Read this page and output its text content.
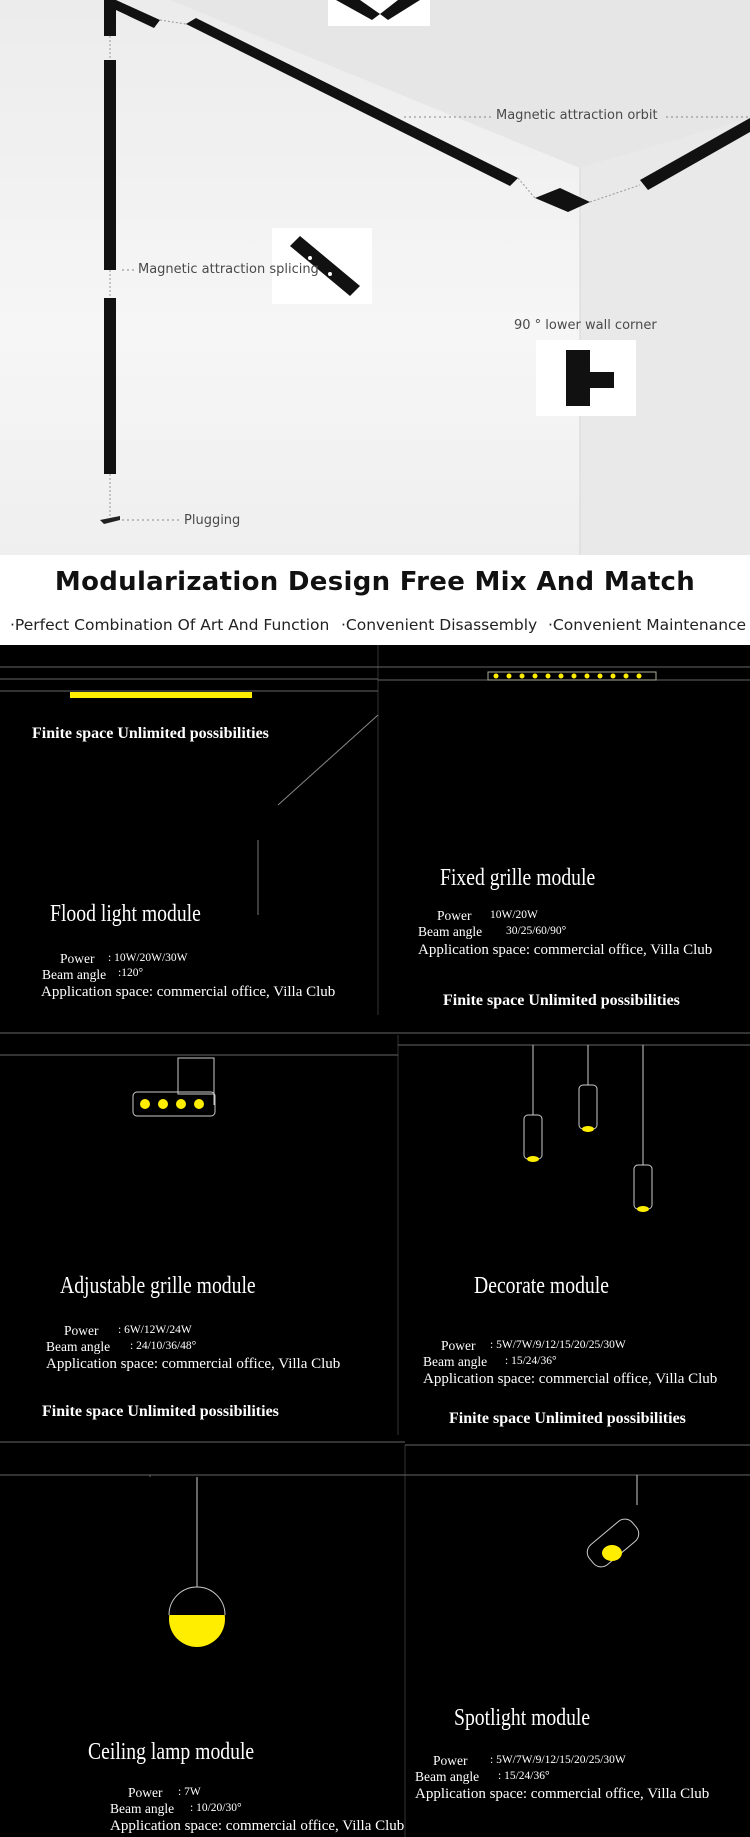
Magnetic attraction orbit
Magnetic attraction splicing
90 ° lower wall corner
Plugging
Modularization Design Free Mix And Match
·Perfect Combination Of Art And Function ·Convenient Disassembly ·Convenient Maintenance
Finite space Unlimited possibilities
Finite space Unlimited possibilities
Finite space Unlimited possibilities	Finite space Unlimited possibilities
Flood light module
Power : 10W/20W/30W
Beam angle :120°
Application space: commercial office, Villa Club
Fixed grille module
Power 10W/20W
Beam angle 30/25/60/90°
Application space: commercial office, Villa Club
Adjustable grille module
Power : 6W/12W/24W
Beam angle : 24/10/36/48°
Application space: commercial office, Villa Club
Decorate module
Power : 5W/7W/9/12/15/20/25/30W
Beam angle : 15/24/36°
Application space: commercial office, Villa Club
Ceiling lamp module
Power : 7W
Beam angle : 10/20/30°
Application space: commercial office, Villa Club
Spotlight module
Power : 5W/7W/9/12/15/20/25/30W
Beam angle : 15/24/36°
Application space: commercial office, Villa Club
